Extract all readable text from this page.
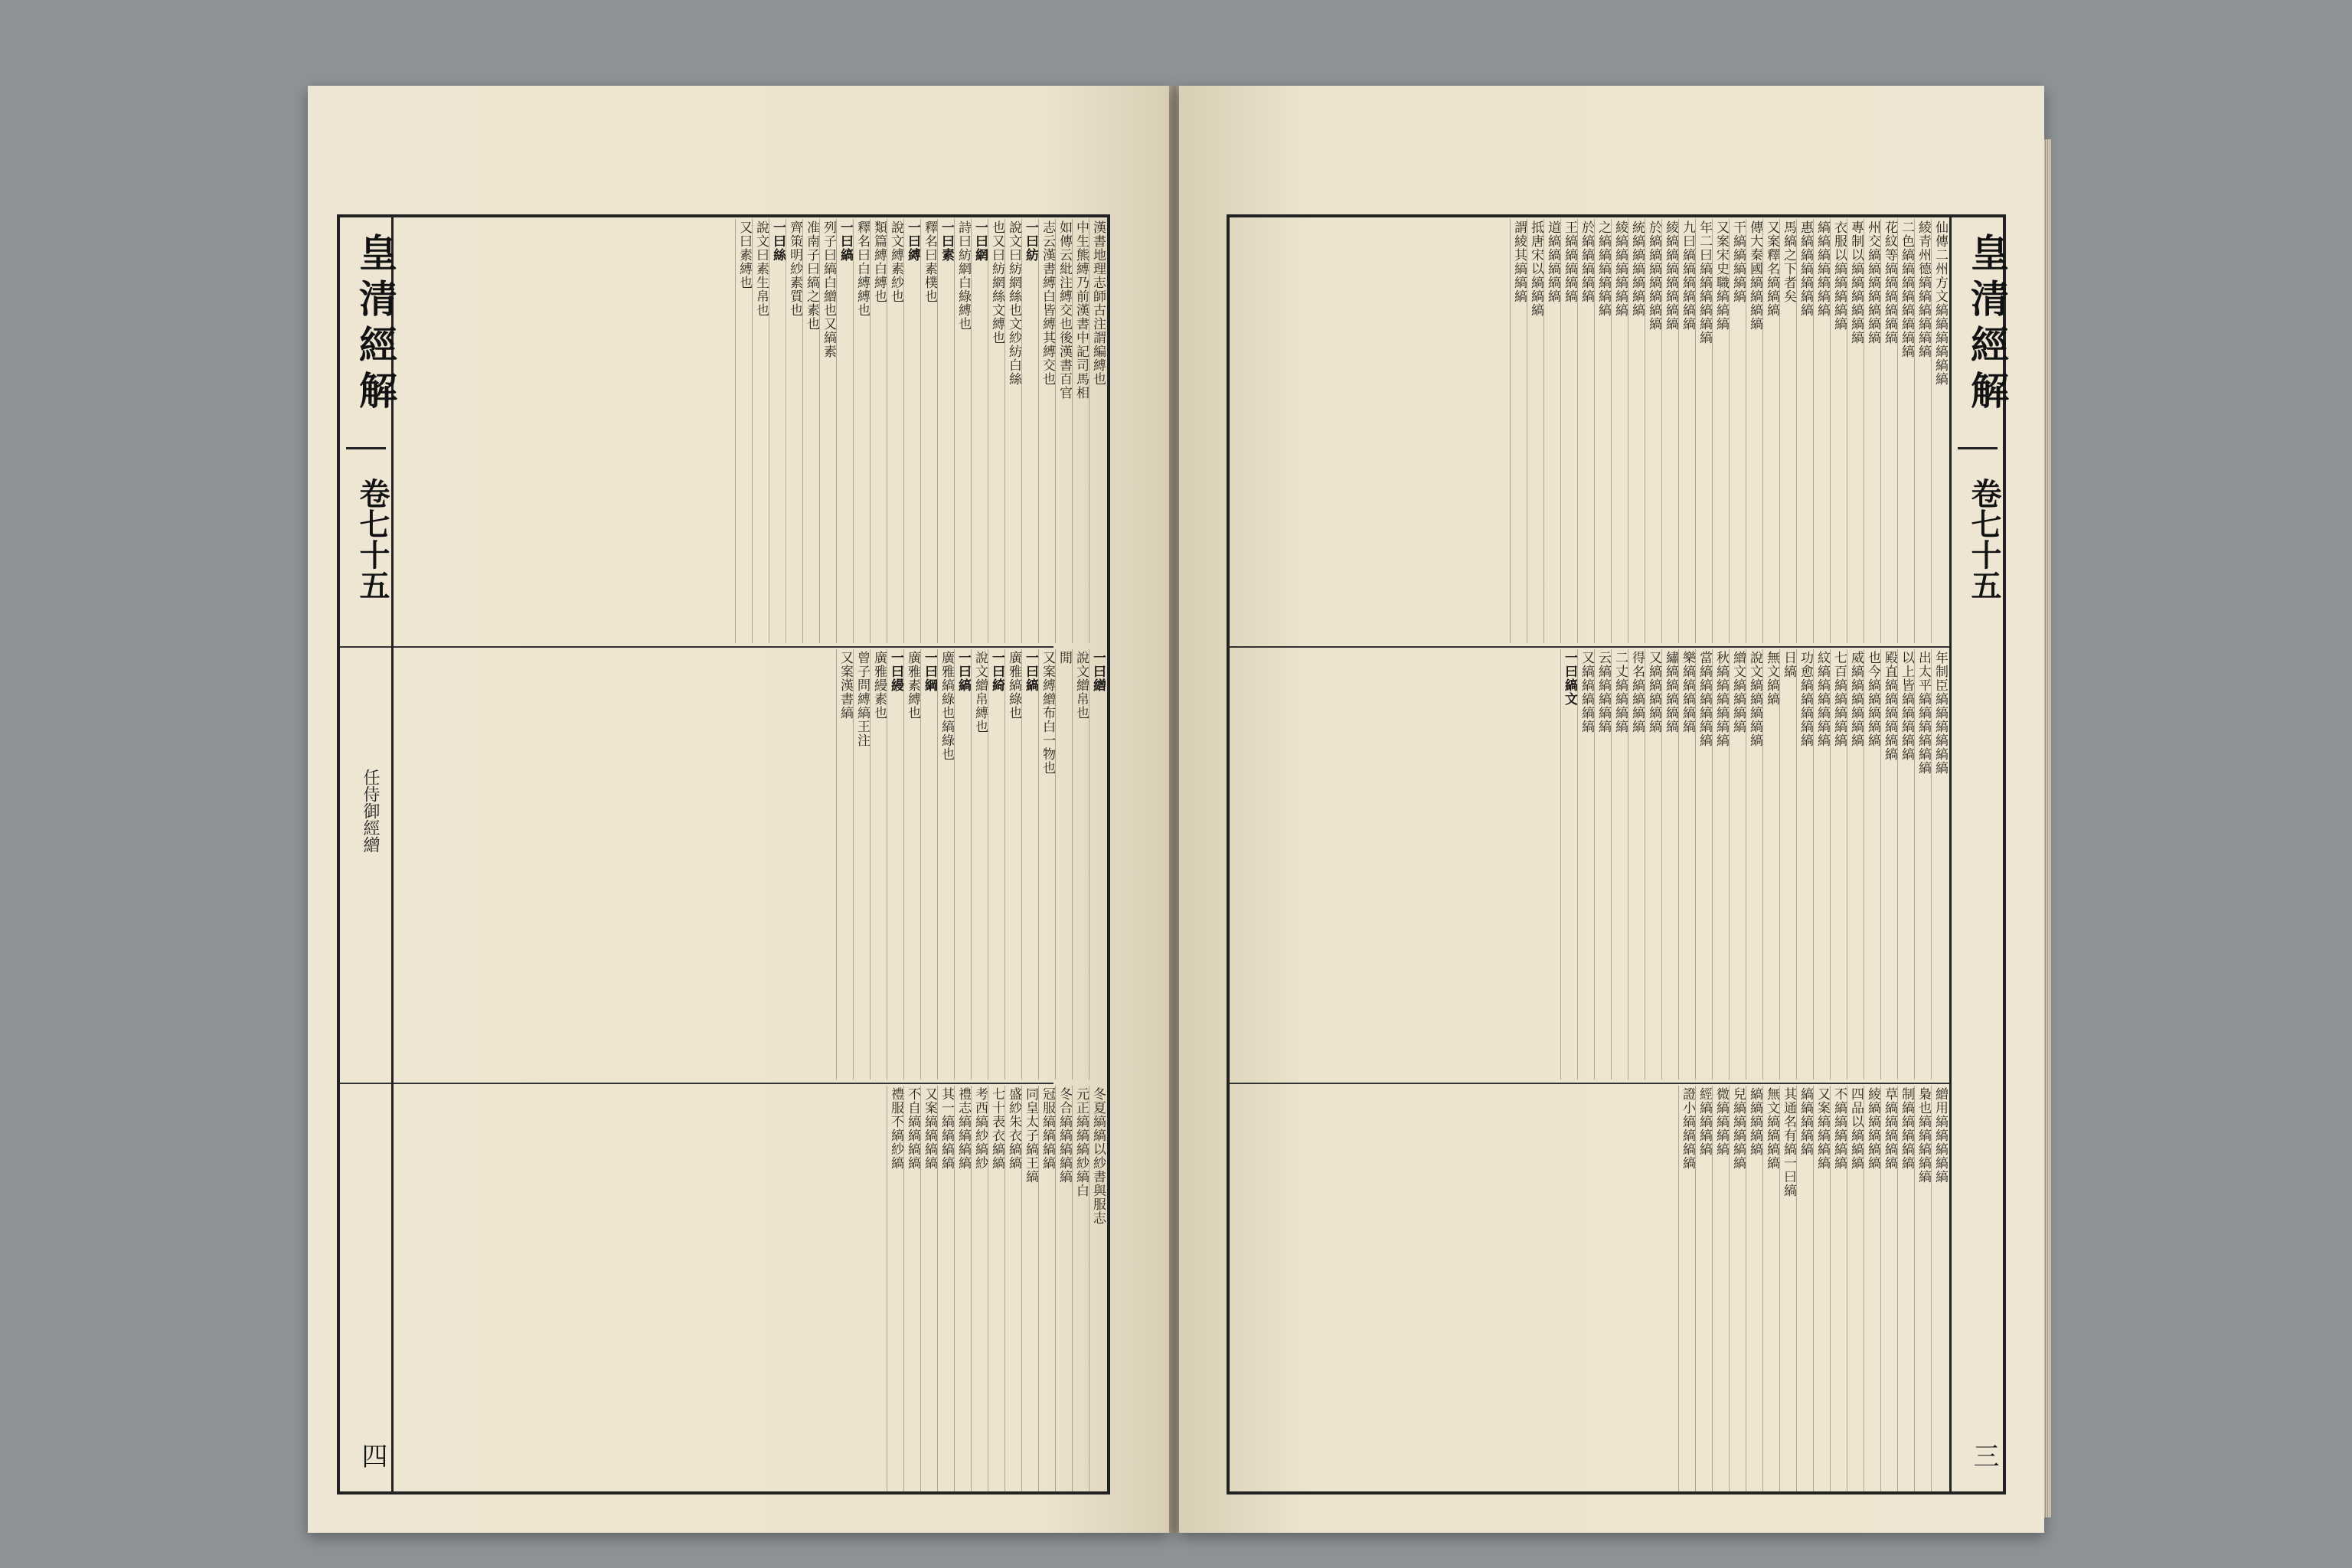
漢書地理志師古注謂編縛也
中生熊縛乃前漢書中記司馬相
如傳云紕注縛交也後漢書百官
志云漢書縛白皆縛其縛交也
一曰紡
說文曰紡網絲也文紗紡白絲
也又曰紡網絲文縛也
一曰網
詩曰紡網白綠縛也
一曰素
釋名曰素樸也
一曰縛
說文縛素紗也
類篇縛白縛也
釋名曰白縛縛也
一曰縞
列子曰縞白繒也又縞素
准南子曰縞之素也
齊策明紗素質也
一曰絲
說文曰素生帛也
又曰素縛也
一曰繒
說文繒帛也
閒
又案縛繒布白一物也
一曰縞
廣雅縞綠也
一曰綺
說文繒帛縛也
一曰縞
廣雅縞綠也縞綠也
一曰綱
廣雅素縛也
一曰縵
廣雅縵素也
曾子問縛縞王注
又案漢書縞
冬夏縞縞以紗書與服志
元正縞縞縞紗縞白
冬合縞縞縞縞縞
冠服縞縞縞縞
同皇太子縞王縞
盛紗朱衣縞縞
七十表衣縞縞
考西縞紗縞紗
禮志縞縞縞縞
其一縞縞縞縞
又案縞縞縞縞
不自縞縞縞縞
禮服不縞紗縞
皇清經解
卷七十五
任侍御經繒
四
仙傳二州方文縞縞縞縞縞縞
綾青州德縞縞縞縞縞縞
二色縞縞縞縞縞縞縞縞
花紋等縞縞縞縞縞縞
州交縞縞縞縞縞縞縞
專制以縞縞縞縞縞縞
衣服以縞縞縞縞縞
縞縞縞縞縞縞縞
惠縞縞縞縞縞縞
馬縞之下者矣
又案釋名縞縞縞
傳大秦國縞縞縞縞
干縞縞縞縞縞
又案宋史職縞縞縞
年二曰縞縞縞縞縞縞
九曰縞縞縞縞縞縞
綾縞縞縞縞縞縞縞
於縞縞縞縞縞縞縞
統縞縞縞縞縞縞
綾縞縞縞縞縞縞
之縞縞縞縞縞縞
於縞縞縞縞縞
王縞縞縞縞縞
道縞縞縞縞縞
抵唐宋以縞縞縞
謂綾其縞縞縞
年制臣縞縞縞縞縞縞
出太平縞縞縞縞縞縞
以上皆縞縞縞縞縞
殿直縞縞縞縞縞縞
也今縞縞縞縞縞
威縞縞縞縞縞縞
七百縞縞縞縞縞
紋縞縞縞縞縞縞
功愈縞縞縞縞縞
日縞
無文縞縞
說文縞縞縞縞縞
繒文縞縞縞縞
秋縞縞縞縞縞縞
當縞縞縞縞縞縞
樂縞縞縞縞縞
繡縞縞縞縞縞
又縞縞縞縞縞
得名縞縞縞縞
二丈縞縞縞縞
云縞縞縞縞縞
又縞縞縞縞縞
一曰縞文
繒用縞縞縞縞縞
梟也縞縞縞縞縞
制縞縞縞縞縞
草縞縞縞縞縞
綾縞縞縞縞縞
四品以縞縞縞
不縞縞縞縞縞
又案縞縞縞縞
縞縞縞縞縞
其通名有縞一曰縞
無文縞縞縞縞
縞縞縞縞縞
兒縞縞縞縞縞
微縞縞縞縞
經縞縞縞縞
證小縞縞縞縞
皇清經解
卷七十五
三
